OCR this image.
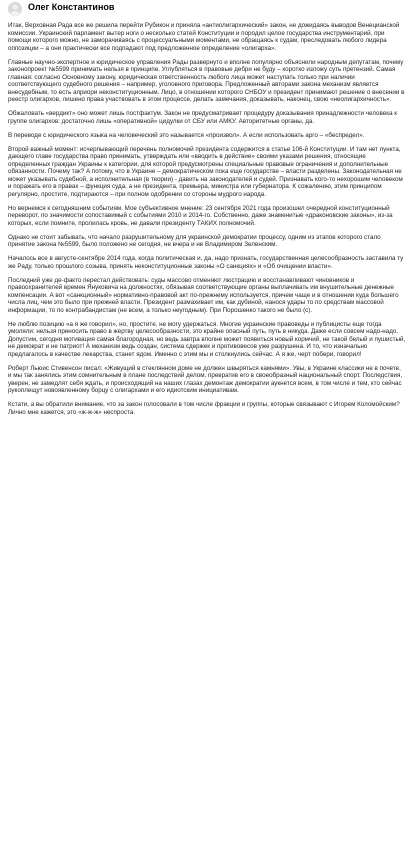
Олег Константинов

Итак, Верховная Рада все же решила перейти Рубикон и приняла «антиолигархический» закон, не дожидаясь выводов Венецианской комиссии. Украинский парламент вытер ноги о несколько статей Конституции и породил целое государства инструментарий, при помощи которого можно, не заморачиваясь с процессуальными моментами, не обращаясь к судам, преследовать любого лидера оппозиции – а они практически все подпадают под предложенное определение «олигарха».

Главные научно-экспертное и юридическое управления Рады развернуто и вполне популярно объяснили народным депутатам, почему законопроект №5599 принимать нельзя в принципе. Углубляться в правовые дебри не буду – коротко изложу суть претензий. Самая главная: согласно Основному закону, юридическая ответственность любого лица может наступать только при наличии соответствующего судебного решения – например, уголовного приговора. Предложенный авторами закона механизм является внесудебным, то есть априори неконституционным. Лицо, в отношении которого СНБОУ и президент принимают решение о внесении в реестр олигархов, лишено права участвовать в этом процессе, делать замечания, доказывать, наконец, свою «неолигархичность».

Обжаловать «вердикт» оно может лишь постфактум. Закон не предусматривает процедуру доказывания принадлежности человека к группе олигархов: достаточно лишь «оперативной» цидулки от СБУ или АМКУ. Авторитетные органы, да.

В переводе с юридического языка на человеческий это называется «произвол». А если использовать арго – «беспредел».

Второй важный момент: исчерпывающий перечень полномочий президента содержится в статье 106-й Конституции. И там нет пункта, дающего главе государства право принимать, утверждать или «вводить в действие» своими указами решения, относящие определенных граждан Украины к категории, для которой предусмотрены специальные правовые ограничения и дополнительные обязанности. Почему так? А потому, что в Украине – демократическом пока еще государстве – власти разделены. Законодательная не может указывать судебной, а исполнительная (в теории) - давить на законодателей и судей. Признавать кого-то нехорошим человеком и поражать его в правах – функция суда, а не президента, премьера, министра или губернатора. К сожалению, этим принципом регулярно, простите, подтираются – при полном одобрении со стороны мудрого народа.

Но вернемся к сегодняшним событиям. Мое субъективное мнение: 23 сентября 2021 года произошел очередной конституционный переворот, по значимости сопоставимый с событиями 2010 и 2014-го. Собственно, даже знаменитые «драконовские законы», из-за которых, если помните, пролилась кровь, не давали президенту ТАКИХ полномочий.

Однако не стоит забывать, что начало разрушительному для украинской демократии процессу, одним из этапов которого стало принятие закона №5599, было положено не сегодня, не вчера и не Владимиром Зеленским.

Началось все в августе-сентябре 2014 года, когда политическая и, да, надо признать, государственная целесообразность заставила ту же Раду, только прошлого созыва, принять неконституционные законы «О санкциях» и «Об очищении власти».

Последний уже де-факто перестал действовать: суды массово отменяют люстрацию и восстанавливают чиновников и правоохранителей времен Януковича на должностях, обязывая соответствующие органы выплачивать им внушительные денежные компенсации. А вот «санкционный» нормативно-правовой акт по-прежнему используется, причем чаще и в отношении куда большего числа лиц, чем это было при прежней власти. Президент размахивает им, как дубиной, нанося удары то по средствам массовой информации, то по контрабандистам (не всем, а только неугодным). При Порошенко такого не было (с).

Не люблю позицию «а я же говорил», но, простите, не могу удержаться. Многие украинские правоведы и публицисты еще тогда умоляли: нельзя приносить право в жертву целесообразности, это крайне опасный путь, путь в никуда. Даже если совсем надо-надо. Допустим, сегодня мотивация самая благородная, но ведь завтра вполне может появиться новый кормчий, не такой белый и пушистый, не демократ и не патриот! А механизм ведь создан, система сдержек и противовесов уже разрушена. И то, что изначально предлагалось в качестве лекарства, станет ядом. Именно с этим мы и столкнулись сейчас. А я же, черт побери, говорил!

Роберт Льюис Стивенсон писал: «Живущий в стеклянном доме не должен швыряться камнями». Увы, в Украине классики не в почете, и мы так занялись этим сомнительным в плане последствий делом, превратив его в своеобразный национальный спорт. Последствия, уверен, не замедлят себя ждать, и происходящий на наших глазах демонтаж демократии аукнется всем, в том числе и тем, кто сейчас рукоплещут новоявленному борцу с олигархами и его идиотским инициативам.

Кстати, а вы обратили внимание, что за закон голосовали в том числе фракции и группы, которые связывают с Игорем Коломойским? Лично мне кажется, это «ж-ж-ж» неспроста.
